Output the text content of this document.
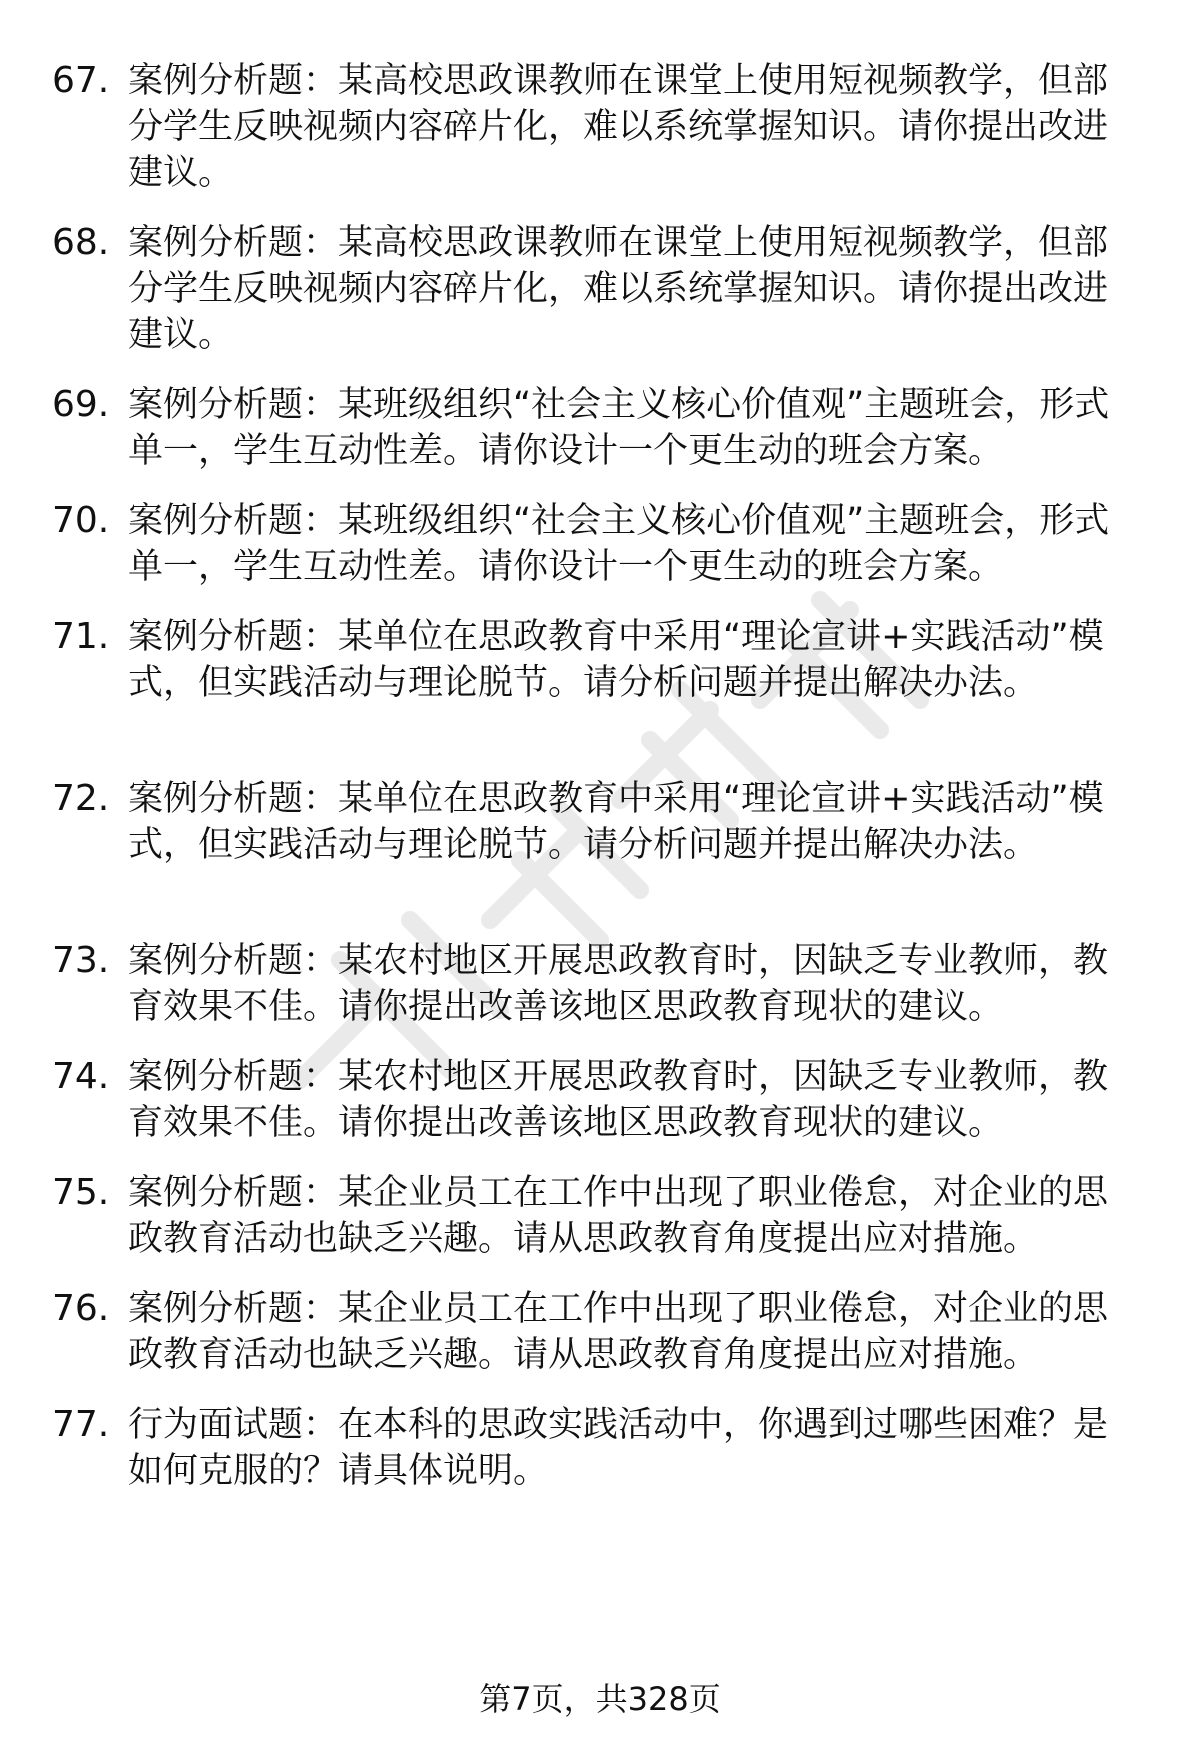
67. 案例分析题：某高校思政课教师在课堂上使用短视频教学，但部分学生反映视频内容碎片化，难以系统掌握知识。请你提出改进建议。
68. 案例分析题：某高校思政课教师在课堂上使用短视频教学，但部分学生反映视频内容碎片化，难以系统掌握知识。请你提出改进建议。
69. 案例分析题：某班级组织“社会主义核心价值观”主题班会，形式单一，学生互动性差。请你设计一个更生动的班会方案。
70. 案例分析题：某班级组织“社会主义核心价值观”主题班会，形式单一，学生互动性差。请你设计一个更生动的班会方案。
71. 案例分析题：某单位在思政教育中采用“理论宣讲+实践活动”模式，但实践活动与理论脱节。请分析问题并提出解决办法。
72. 案例分析题：某单位在思政教育中采用“理论宣讲+实践活动”模式，但实践活动与理论脱节。请分析问题并提出解决办法。
73. 案例分析题：某农村地区开展思政教育时，因缺乏专业教师，教育效果不佳。请你提出改善该地区思政教育现状的建议。
74. 案例分析题：某农村地区开展思政教育时，因缺乏专业教师，教育效果不佳。请你提出改善该地区思政教育现状的建议。
75. 案例分析题：某企业员工在工作中出现了职业倦怠，对企业的思政教育活动也缺乏兴趣。请从思政教育角度提出应对措施。
76. 案例分析题：某企业员工在工作中出现了职业倦怠，对企业的思政教育活动也缺乏兴趣。请从思政教育角度提出应对措施。
77. 行为面试题：在本科的思政实践活动中，你遇到过哪些困难？是如何克服的？请具体说明。
第7页，共328页
